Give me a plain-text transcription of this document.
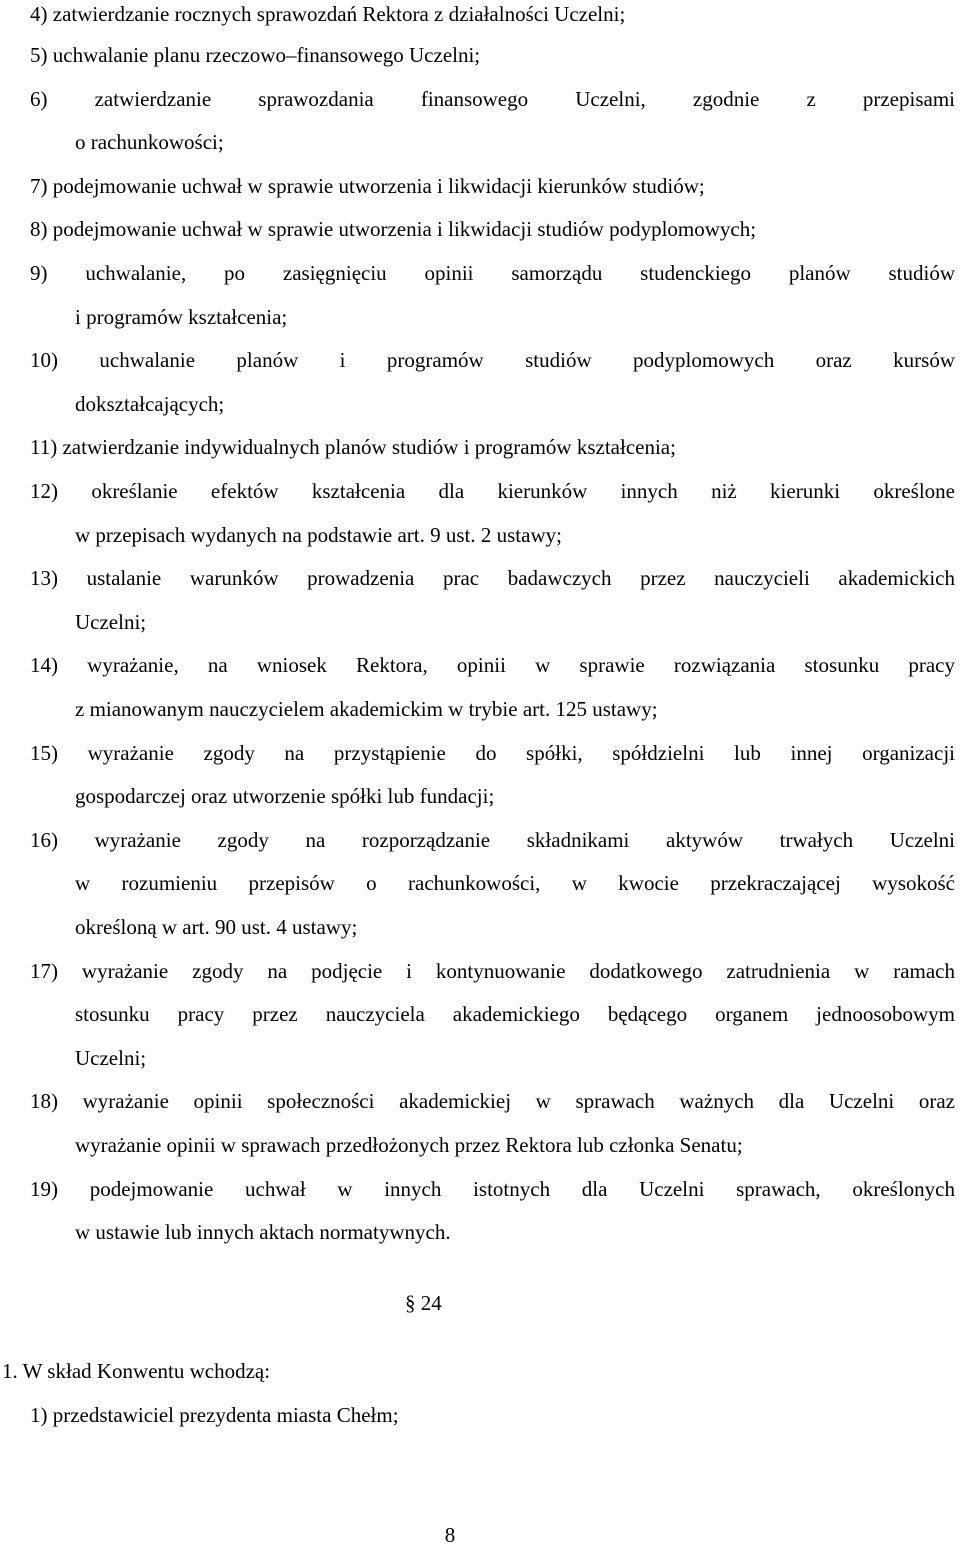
4) zatwierdzanie rocznych sprawozdań Rektora z działalności Uczelni;
5) uchwalanie planu rzeczowo–finansowego Uczelni;
6) zatwierdzanie sprawozdania finansowego Uczelni, zgodnie z przepisami
o rachunkowości;
7) podejmowanie uchwał w sprawie utworzenia i likwidacji kierunków studiów;
8) podejmowanie uchwał w sprawie utworzenia i likwidacji studiów podyplomowych;
9) uchwalanie, po zasięgnięciu opinii samorządu studenckiego planów studiów
i programów kształcenia;
10) uchwalanie planów i programów studiów podyplomowych oraz kursów
dokształcających;
11) zatwierdzanie indywidualnych planów studiów i programów kształcenia;
12) określanie efektów kształcenia dla kierunków innych niż kierunki określone
w przepisach wydanych na podstawie art. 9 ust. 2 ustawy;
13) ustalanie warunków prowadzenia prac badawczych przez nauczycieli akademickich
Uczelni;
14) wyrażanie, na wniosek Rektora, opinii w sprawie rozwiązania stosunku pracy
z mianowanym nauczycielem akademickim w trybie art. 125 ustawy;
15) wyrażanie zgody na przystąpienie do spółki, spółdzielni lub innej organizacji
gospodarczej oraz utworzenie spółki lub fundacji;
16) wyrażanie zgody na rozporządzanie składnikami aktywów trwałych Uczelni
w rozumieniu przepisów o rachunkowości, w kwocie przekraczającej wysokość
określoną w art. 90 ust. 4 ustawy;
17) wyrażanie zgody na podjęcie i kontynuowanie dodatkowego zatrudnienia w ramach
stosunku pracy przez nauczyciela akademickiego będącego organem jednoosobowym
Uczelni;
18) wyrażanie opinii społeczności akademickiej w sprawach ważnych dla Uczelni oraz
wyrażanie opinii w sprawach przedłożonych przez Rektora lub członka Senatu;
19) podejmowanie uchwał w innych istotnych dla Uczelni sprawach, określonych
w ustawie lub innych aktach normatywnych.
§ 24
1. W skład Konwentu wchodzą:
1) przedstawiciel prezydenta miasta Chełm;
8
